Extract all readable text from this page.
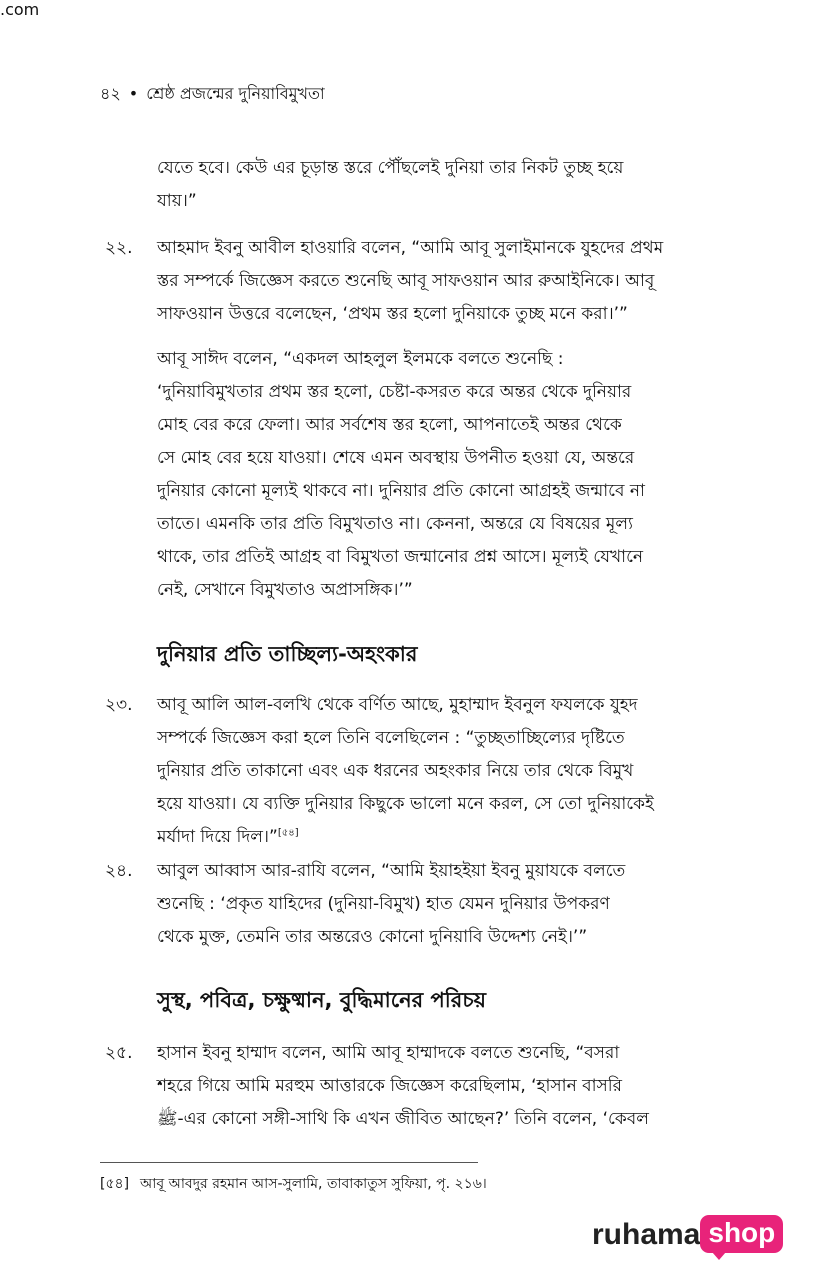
৪২ • শ্রেষ্ঠ প্রজন্মের দুনিয়াবিমুখতা
যেতে হবে। কেউ এর চূড়ান্ত স্তরে পৌঁছলেই দুনিয়া তার নিকট তুচ্ছ হয়ে
যায়।”
২২.	আহমাদ ইবনু আবীল হাওয়ারি বলেন, “আমি আবূ সুলাইমানকে যুহদের প্রথম
স্তর সম্পর্কে জিজ্ঞেস করতে শুনেছি আবূ সাফওয়ান আর রুআইনিকে। আবূ
সাফওয়ান উত্তরে বলেছেন, ‘প্রথম স্তর হলো দুনিয়াকে তুচ্ছ মনে করা।’”
আবূ সাঈদ বলেন, “একদল আহলুল ইলমকে বলতে শুনেছি :
‘দুনিয়াবিমুখতার প্রথম স্তর হলো, চেষ্টা-কসরত করে অন্তর থেকে দুনিয়ার
মোহ বের করে ফেলা। আর সর্বশেষ স্তর হলো, আপনাতেই অন্তর থেকে
সে মোহ বের হয়ে যাওয়া। শেষে এমন অবস্থায় উপনীত হওয়া যে, অন্তরে
দুনিয়ার কোনো মূল্যই থাকবে না। দুনিয়ার প্রতি কোনো আগ্রহই জন্মাবে না
তাতে। এমনকি তার প্রতি বিমুখতাও না। কেননা, অন্তরে যে বিষয়ের মূল্য
থাকে, তার প্রতিই আগ্রহ বা বিমুখতা জন্মানোর প্রশ্ন আসে। মূল্যই যেখানে
নেই, সেখানে বিমুখতাও অপ্রাসঙ্গিক।’”
দুনিয়ার প্রতি তাচ্ছিল্য-অহংকার
২৩.	আবূ আলি আল-বলখি থেকে বর্ণিত আছে, মুহাম্মাদ ইবনুল ফযলকে যুহদ
সম্পর্কে জিজ্ঞেস করা হলে তিনি বলেছিলেন : “তুচ্ছতাচ্ছিল্যের দৃষ্টিতে
দুনিয়ার প্রতি তাকানো এবং এক ধরনের অহংকার নিয়ে তার থেকে বিমুখ
হয়ে যাওয়া। যে ব্যক্তি দুনিয়ার কিছুকে ভালো মনে করল, সে তো দুনিয়াকেই
মর্যাদা দিয়ে দিল।”[৫৪]
২৪.	আবুল আব্বাস আর-রাযি বলেন, “আমি ইয়াহইয়া ইবনু মুয়াযকে বলতে
শুনেছি : ‘প্রকৃত যাহিদের (দুনিয়া-বিমুখ) হাত যেমন দুনিয়ার উপকরণ
থেকে মুক্ত, তেমনি তার অন্তরেও কোনো দুনিয়াবি উদ্দেশ্য নেই।’”
সুস্থ, পবিত্র, চক্ষুষ্মান, বুদ্ধিমানের পরিচয়
২৫.	হাসান ইবনু হাম্মাদ বলেন, আমি আবূ হাম্মাদকে বলতে শুনেছি, “বসরা
শহরে গিয়ে আমি মরহুম আত্তারকে জিজ্ঞেস করেছিলাম, ‘হাসান বাসরি
ﷺ-এর কোনো সঙ্গী-সাথি কি এখন জীবিত আছেন?’ তিনি বলেন, ‘কেবল
[৫৪] আবূ আবদুর রহমান আস-সুলামি, তাবাকাতুস সুফিয়া, পৃ. ২১৬।
ruhama shop
.com
